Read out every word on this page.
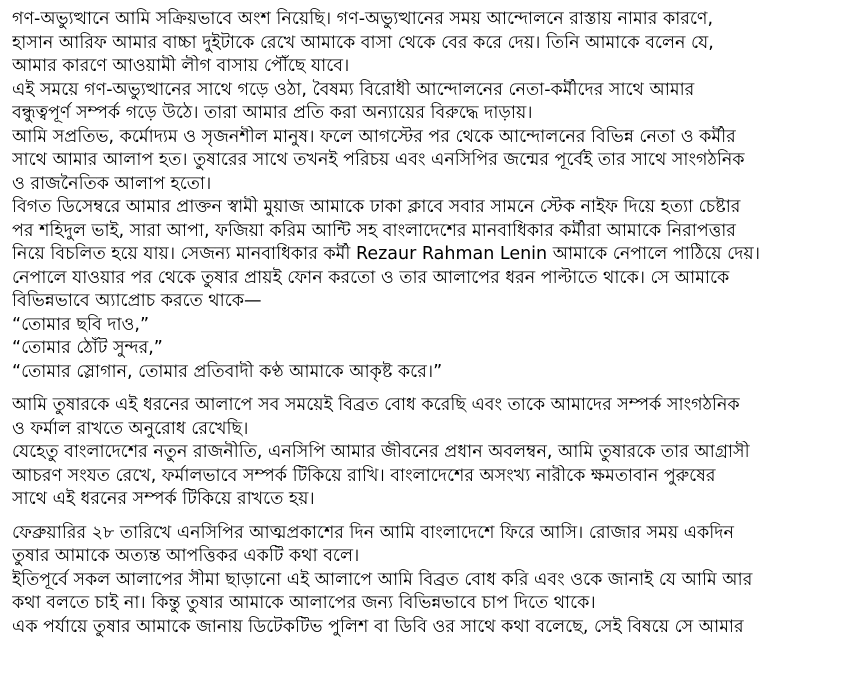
গণ-অভ্যুত্থানে আমি সক্রিয়ভাবে অংশ নিয়েছি। গণ-অভ্যুত্থানের সময় আন্দোলনে রাস্তায় নামার কারণে,
হাসান আরিফ আমার বাচ্চা দুইটাকে রেখে আমাকে বাসা থেকে বের করে দেয়। তিনি আমাকে বলেন যে,
আমার কারণে আওয়ামী লীগ বাসায় পৌঁছে যাবে।
এই সময়ে গণ-অভ্যুত্থানের সাথে গড়ে ওঠা, বৈষম্য বিরোধী আন্দোলনের নেতা-কর্মীদের সাথে আমার
বন্ধুত্বপূর্ণ সম্পর্ক গড়ে উঠে। তারা আমার প্রতি করা অন্যায়ের বিরুদ্ধে দাড়ায়।
আমি সপ্রতিভ, কর্মোদ্যম ও সৃজনশীল মানুষ। ফলে আগস্টের পর থেকে আন্দোলনের বিভিন্ন নেতা ও কর্মীর
সাথে আমার আলাপ হত। তুষারের সাথে তখনই পরিচয় এবং এনসিপির জন্মের পূর্বেই তার সাথে সাংগঠনিক
ও রাজনৈতিক আলাপ হতো।
বিগত ডিসেম্বরে আমার প্রাক্তন স্বামী মুয়াজ আমাকে ঢাকা ক্লাবে সবার সামনে স্টেক নাইফ দিয়ে হত্যা চেষ্টার
পর শহিদুল ভাই, সারা আপা, ফজিয়া করিম আন্টি সহ বাংলাদেশের মানবাধিকার কর্মীরা আমাকে নিরাপত্তার
নিয়ে বিচলিত হয়ে যায়। সেজন্য মানবাধিকার কর্মী Rezaur Rahman Lenin আমাকে নেপালে পাঠিয়ে দেয়।
নেপালে যাওয়ার পর থেকে তুষার প্রায়ই ফোন করতো ও তার আলাপের ধরন পাল্টাতে থাকে। সে আমাকে
বিভিন্নভাবে অ্যাপ্রোচ করতে থাকে—
“তোমার ছবি দাও,”
“তোমার ঠোঁট সুন্দর,”
“তোমার স্লোগান, তোমার প্রতিবাদী কণ্ঠ আমাকে আকৃষ্ট করে।”
আমি তুষারকে এই ধরনের আলাপে সব সময়েই বিব্রত বোধ করেছি এবং তাকে আমাদের সম্পর্ক সাংগঠনিক
ও ফর্মাল রাখতে অনুরোধ রেখেছি।
যেহেতু বাংলাদেশের নতুন রাজনীতি, এনসিপি আমার জীবনের প্রধান অবলম্বন, আমি তুষারকে তার আগ্রাসী
আচরণ সংযত রেখে, ফর্মালভাবে সম্পর্ক টিকিয়ে রাখি। বাংলাদেশের অসংখ্য নারীকে ক্ষমতাবান পুরুষের
সাথে এই ধরনের সম্পর্ক টিকিয়ে রাখতে হয়।
ফেব্রুয়ারির ২৮ তারিখে এনসিপির আত্মপ্রকাশের দিন আমি বাংলাদেশে ফিরে আসি। রোজার সময় একদিন
তুষার আমাকে অত্যন্ত আপত্তিকর একটি কথা বলে।
ইতিপূর্বে সকল আলাপের সীমা ছাড়ানো এই আলাপে আমি বিব্রত বোধ করি এবং ওকে জানাই যে আমি আর
কথা বলতে চাই না। কিন্তু তুষার আমাকে আলাপের জন্য বিভিন্নভাবে চাপ দিতে থাকে।
এক পর্যায়ে তুষার আমাকে জানায় ডিটেকটিভ পুলিশ বা ডিবি ওর সাথে কথা বলেছে, সেই বিষয়ে সে আমার
